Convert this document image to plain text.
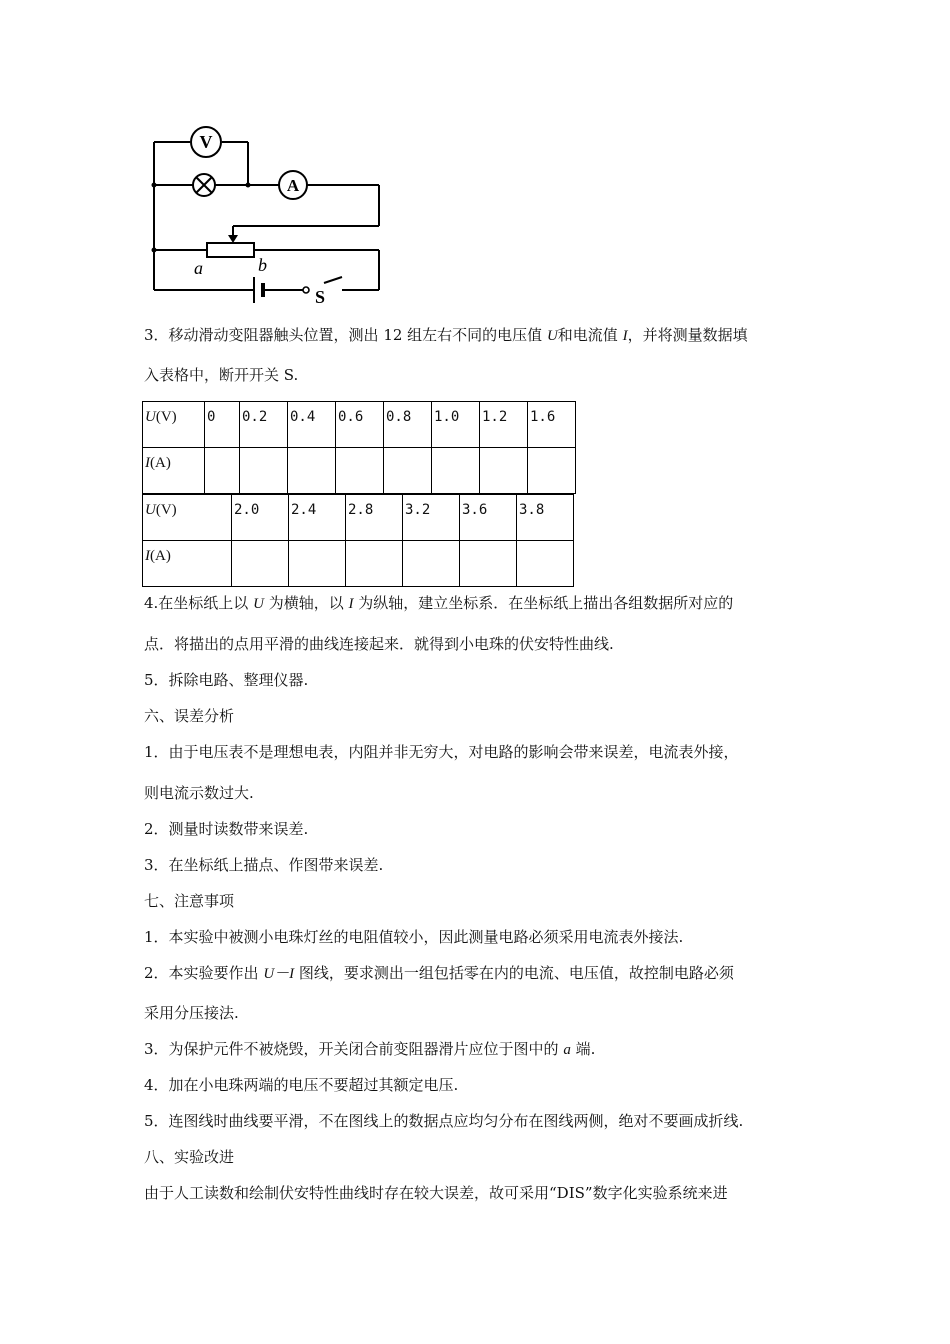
V
A
a	b
S

3．移动滑动变阻器触头位置，测出 12 组左右不同的电压值 U和电流值 I，并将测量数据填

入表格中，断开开关 S.

U(V)	0	0.2	0.4	0.6	0.8	1.0	1.2	1.6
I(A)								
U(V)	2.0	2.4	2.8	3.2	3.6	3.8
I(A)						

4.在坐标纸上以 U 为横轴，以 I 为纵轴，建立坐标系．在坐标纸上描出各组数据所对应的

点．将描出的点用平滑的曲线连接起来．就得到小电珠的伏安特性曲线.

5．拆除电路、整理仪器.

六、误差分析

1．由于电压表不是理想电表，内阻并非无穷大，对电路的影响会带来误差，电流表外接，

则电流示数过大.

2．测量时读数带来误差.

3．在坐标纸上描点、作图带来误差.

七、注意事项

1．本实验中被测小电珠灯丝的电阻值较小，因此测量电路必须采用电流表外接法.

2．本实验要作出 U－I 图线，要求测出一组包括零在内的电流、电压值，故控制电路必须

采用分压接法.

3．为保护元件不被烧毁，开关闭合前变阻器滑片应位于图中的 a 端.

4．加在小电珠两端的电压不要超过其额定电压.

5．连图线时曲线要平滑，不在图线上的数据点应均匀分布在图线两侧，绝对不要画成折线.

八、实验改进

由于人工读数和绘制伏安特性曲线时存在较大误差，故可采用“DIS”数字化实验系统来进
